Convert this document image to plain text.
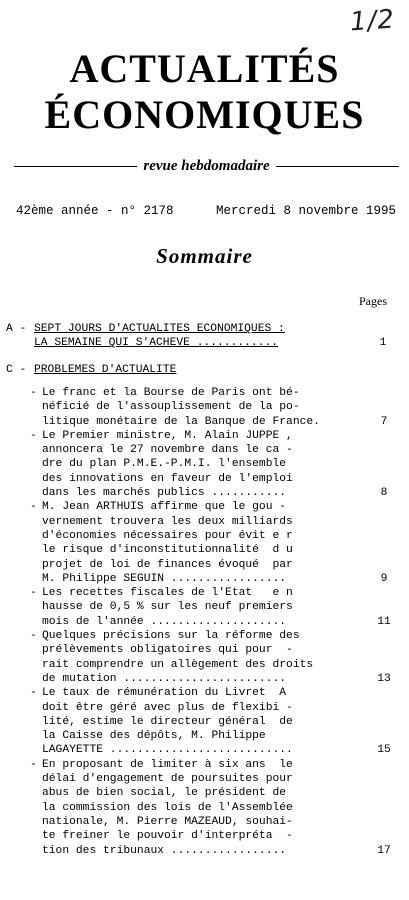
1/2
ACTUALITÉS
ÉCONOMIQUES
revue hebdomadaire
42ème année - n° 2178	Mercredi 8 novembre 1995
Sommaire
Pages
A - SEPT JOURS D'ACTUALITES ECONOMIQUES :
LA SEMAINE QUI S'ACHEVE ............	1
C - PROBLEMES D'ACTUALITE
- Le franc et la Bourse de Paris ont bé-
néficié de l'assouplissement de la po-
litique monétaire de la Banque de France.	7
- Le Premier ministre, M. Alain JUPPE ,
annoncera le 27 novembre dans le ca -
dre du plan P.M.E.-P.M.I. l'ensemble
des innovations en faveur de l'emploi
dans les marchés publics ...........	8
- M. Jean ARTHUIS affirme que le gou -
vernement trouvera les deux milliards
d'économies nécessaires pour évit e r
le risque d'inconstitutionnalité  d u
projet de loi de finances évoqué  par
M. Philippe SEGUIN .................	9
- Les recettes fiscales de l'Etat   e n
hausse de 0,5 % sur les neuf premiers
mois de l'année ....................	11
- Quelques précisions sur la réforme des
prélèvements obligatoires qui pour  -
rait comprendre un allègement des droits
de mutation ........................	13
- Le taux de rémunération du Livret  A
doit être géré avec plus de flexibi -
lité, estime le directeur général  de
la Caisse des dépôts, M. Philippe
LAGAYETTE ...........................	15
- En proposant de limiter à six ans  le
délai d'engagement de poursuites pour
abus de bien social, le président de
la commission des lois de l'Assemblée
nationale, M. Pierre MAZEAUD, souhai-
te freiner le pouvoir d'interpréta  -
tion des tribunaux .................	17
